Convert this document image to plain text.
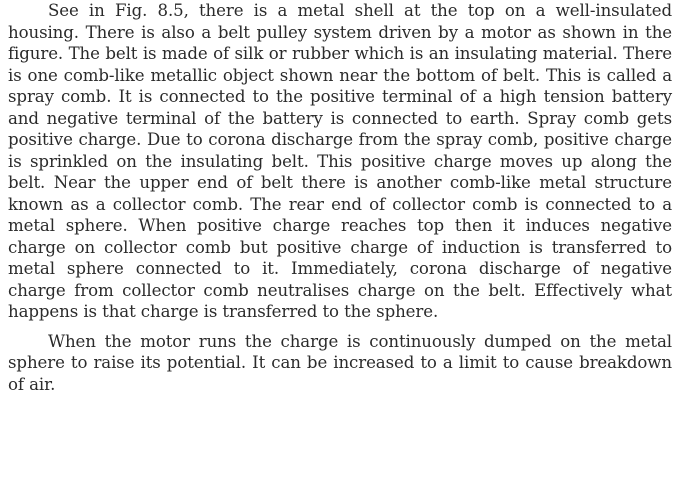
See in Fig. 8.5, there is a metal shell at the top on a well-insulated housing. There is also a belt pulley system driven by a motor as shown in the figure. The belt is made of silk or rubber which is an insulating material. There is one comb-like metallic object shown near the bottom of belt. This is called a spray comb. It is connected to the positive terminal of a high tension battery and negative terminal of the battery is connected to earth. Spray comb gets positive charge. Due to corona discharge from the spray comb, positive charge is sprinkled on the insulating belt. This positive charge moves up along the belt. Near the upper end of belt there is another comb-like metal structure known as a collector comb. The rear end of collector comb is connected to a metal sphere. When positive charge reaches top then it induces negative charge on collector comb but positive charge of induction is transferred to metal sphere connected to it. Immediately, corona discharge of negative charge from collector comb neutralises charge on the belt. Effectively what happens is that charge is transferred to the sphere.

When the motor runs the charge is continuously dumped on the metal sphere to raise its potential. It can be increased to a limit to cause breakdown of air.
